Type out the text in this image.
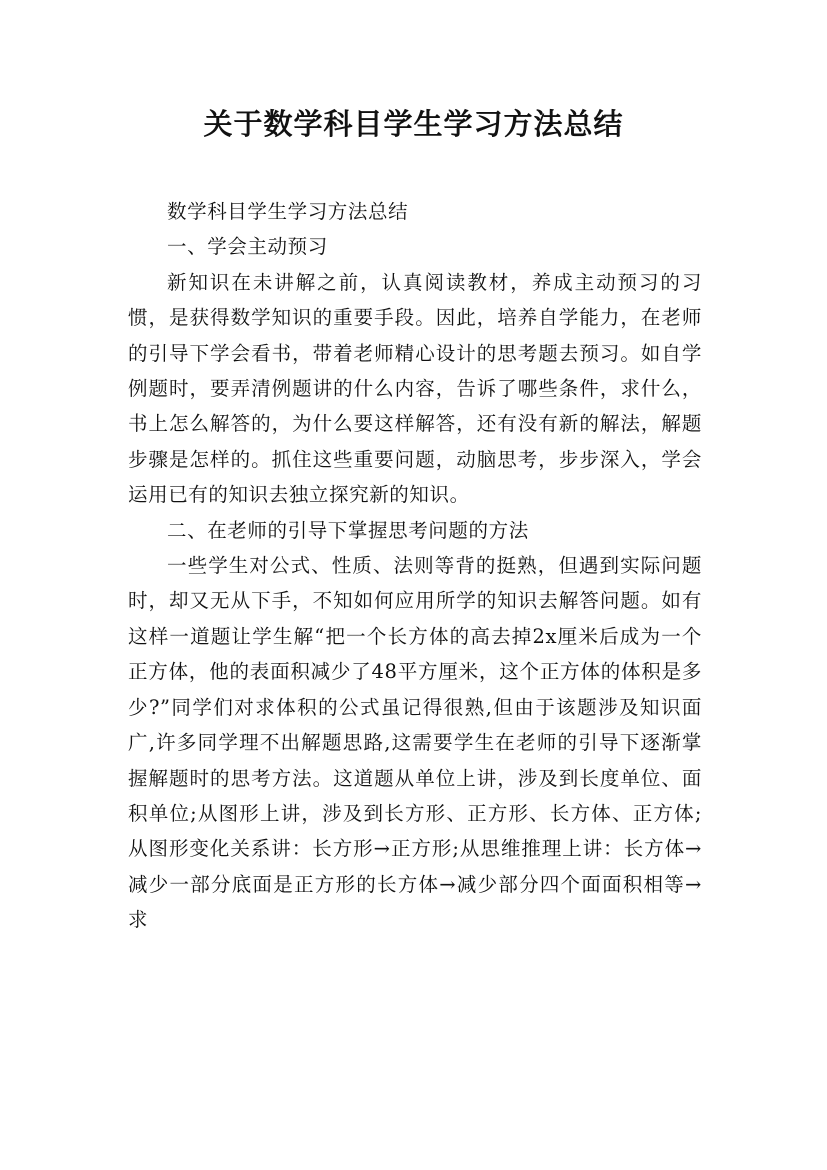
关于数学科目学生学习方法总结

数学科目学生学习方法总结

一、学会主动预习

新知识在未讲解之前，认真阅读教材，养成主动预习的习惯，是获得数学知识的重要手段。因此，培养自学能力，在老师的引导下学会看书，带着老师精心设计的思考题去预习。如自学例题时，要弄清例题讲的什么内容，告诉了哪些条件，求什么，书上怎么解答的，为什么要这样解答，还有没有新的解法，解题步骤是怎样的。抓住这些重要问题，动脑思考，步步深入，学会运用已有的知识去独立探究新的知识。

二、在老师的引导下掌握思考问题的方法

一些学生对公式、性质、法则等背的挺熟，但遇到实际问题时，却又无从下手，不知如何应用所学的知识去解答问题。如有这样一道题让学生解“把一个长方体的高去掉2x厘米后成为一个正方体，他的表面积减少了48平方厘米，这个正方体的体积是多少?”同学们对求体积的公式虽记得很熟,但由于该题涉及知识面广,许多同学理不出解题思路,这需要学生在老师的引导下逐渐掌握解题时的思考方法。这道题从单位上讲，涉及到长度单位、面积单位;从图形上讲，涉及到长方形、正方形、长方体、正方体;从图形变化关系讲：长方形→正方形;从思维推理上讲：长方体→减少一部分底面是正方形的长方体→减少部分四个面面积相等→求
